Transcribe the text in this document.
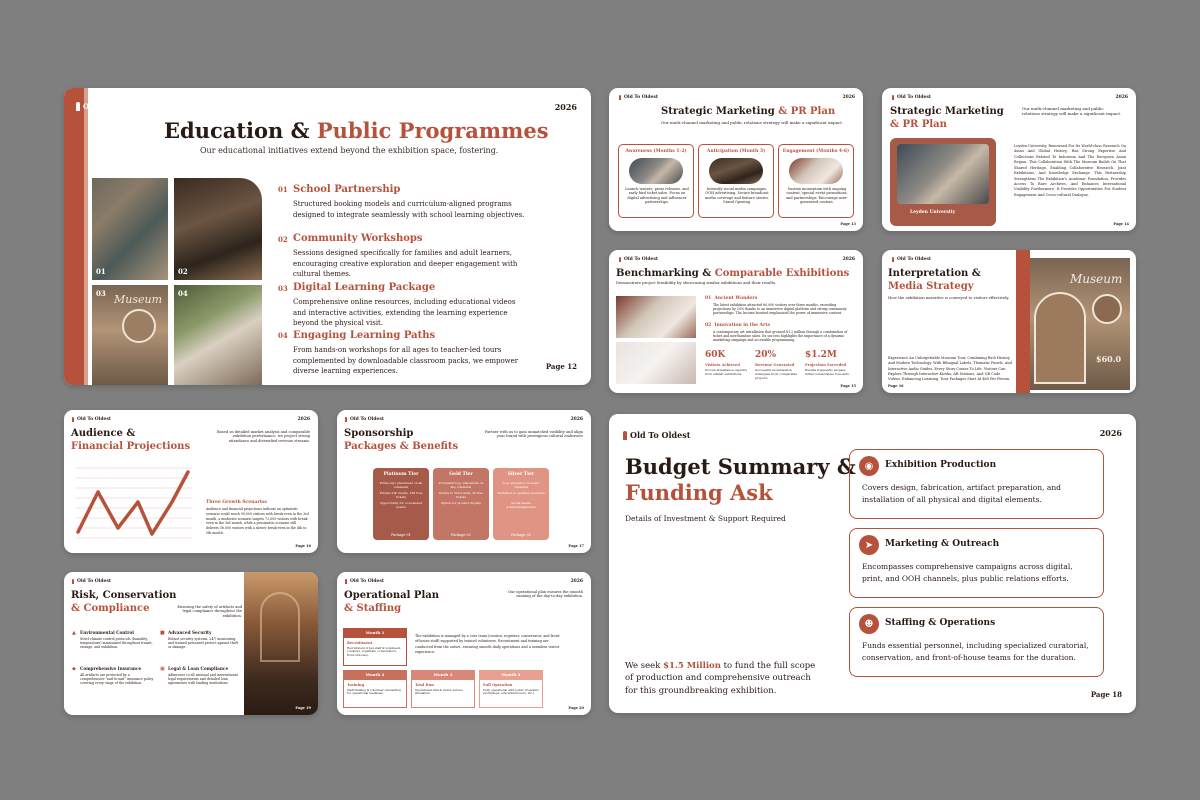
Old To Oldest	2026
Education & Public Programmes
Our educational initiatives extend beyond the exhibition space, fostering.
01	02
03 Museum 04
01 School Partnership
Structured booking models and curriculum-aligned programs designed to integrate seamlessly with school learning objectives.
02 Community Workshops
Sessions designed specifically for families and adult learners, encouraging creative exploration and deeper engagement with cultural themes.
03 Digital Learning Package
Comprehensive online resources, including educational videos and interactive activities, extending the learning experience beyond the physical visit.
04 Engaging Learning Paths
From hands-on workshops for all ages to teacher-led tours complemented by downloadable classroom packs, we empower diverse learning experiences.	Page 12
Old To Oldest	2026
Strategic Marketing & PR Plan
Our multi-channel marketing and public relations strategy will make a significant impact.
Awareness (Months 1-2)
Launch teasers, press releases, and early bird ticket sales. Focus on digital advertising and influencer partnerships.
Anticipation (Month 3)
Intensify social media campaigns, OOH advertising. Secure broadcast media coverage and feature stories. Grand Opening.
Engagement (Months 4-6)
Sustain momentum with ongoing content, special event promotions, and partnerships. Encourage user-generated content.
Page 13
Old To Oldest	2026
Strategic Marketing
& PR Plan
Our multi-channel marketing and public relations strategy will make a significant impact.
Leyden University
Leyden University, Renowned For Its World-class Research On Asian And Global History, Has Strong Expertise And Collections Related To Indonesia And The European Asian Region. This Collaboration With The Museum Builds On That Shared Heritage, Enabling Collaborative Research, Joint Exhibitions, And Knowledge Exchange. This Partnership Strengthens The Exhibition's Academic Foundation, Provides Access To Rare Archives, And Enhances International Visibility Furthermore, It Provides Opportunities For Student Engagement And Cross-cultural Dialogue.
Page 14
Old To Oldest	2026
Benchmarking & Comparable Exhibitions
Demonstrate project feasibility by showcasing similar exhibitions and their results.
01 Ancient Wonders
The latest exhibition attracted 60,000 visitors over three months, exceeding projections by 20% thanks to an immersive digital platform and strong community partnerships. The Income boosted emphasised the power of immersive content.
02 Innovation in the Arts
A contemporary art installation that grossed $1.2 million through a combination of ticket and merchandise sales. Its success highlights the importance of a dynamic marketing campaign and accessible programming.
60K
Visitors Achieved
Proven attendance capacity from similar exhibitions.
20%
Revenue Generated
Successful monetisation strategies from comparable projects.
$1.2M
Projection Exceeded
Results frequently surpass initial conservative forecasts.
Page 15
Old To Oldest
Interpretation &
Media Strategy
How the exhibition narrative is conveyed to visitors effectively.
Experience An Unforgettable Museum Tour, Combining Rich History And Modern Technology. With Bilingual Labels, Thematic Panels, And Interactive Audio Guides, Every Story Comes To Life. Visitors Can Explore Through Interactive Kiosks, AR Stations, And QR Code Videos, Enhancing Learning. Tour Packages Start At $60 Per Person.
Museum
$60.0
Page 16
Old To Oldest	2026
Audience &
Financial Projections
Based on detailed market analysis and comparable exhibition performance, we project strong attendance and diversified revenue streams.
Three Growth Scenarios
Audience and financial projections indicate an optimistic scenario could reach 90,000 visitors with break-even in the 3rd month, a moderate scenario targets 72,000 visitors with break-even in the 3rd month, while a pessimistic scenario still delivers 58,000 visitors with a slower break-even in the 4th to 5th month.
Page 16
Old To Oldest	2026
Sponsorship
Packages & Benefits
Partner with us to gain unmatched visibility and align your brand with prestigious cultural endeavors
Platinum Tier
Prime logo placement on all collateral
Private VIP events, 100 free tickets
Opportunity for co-branded events
Package 01
Gold Tier
Prominent logo placement on key collateral
Invites to VIP events, 50 free tickets
Option for product display
Package 02
Silver Tier
Logo presence on select collateral
Invitation to opening reception
Social media acknowledgements
Package 03
Page 17
Old To Oldest
Risk, Conservation
& Compliance	Ensuring the safety of artifacts and legal compliance throughout the exhibition.
▲ Environmental Control
Strict climate control protocols (humidity, temperature) maintained throughout transit, storage, and exhibition.
■ Advanced Security
Robust security systems, 24/7 monitoring, and trained personnel protect against theft or damage.
◆ Comprehensive Insurance
All artifacts are protected by a comprehensive "nail-to-nail" insurance policy covering every stage of the exhibition.
▣ Legal & Loan Compliance
Adherence to all national and international legal requirements and detailed loan agreements with lending institutions.
Page 19
Old To Oldest	2026
Operational Plan
& Staffing
Our operational plan ensures the smooth running of the day-to-day exhibition.
The exhibition is managed by a core team (curator, registrar, conservator, and front-of-house staff) supported by trained volunteers. Recruitment and training are conducted from the outset, ensuring smooth daily operations and a seamless visitor experience.
Month 1
Recruitment
Recruitment of key staff & volunteers (curators, registrars, conservators, front-of-house).
Month 2
Training
Staff training & volunteer onboarding for operational readiness.
Month 3
Trial Run
Operational trial & visitor service simulation.
Month 4
Full Operation
Fully operational with public programs (workshops, educational tours, etc.).
Page 20
Old To Oldest	2026
Budget Summary &
Funding Ask
Details of Investment & Support Required
We seek $1.5 Million to fund the full scope of production and comprehensive outreach for this groundbreaking exhibition.
◉	Exhibition Production
Covers design, fabrication, artifact preparation, and installation of all physical and digital elements.
➤	Marketing & Outreach
Encompasses comprehensive campaigns across digital, print, and OOH channels, plus public relations efforts.
☻	Staffing & Operations
Funds essential personnel, including specialized curatorial, conservation, and front-of-house teams for the duration.
Page 18
